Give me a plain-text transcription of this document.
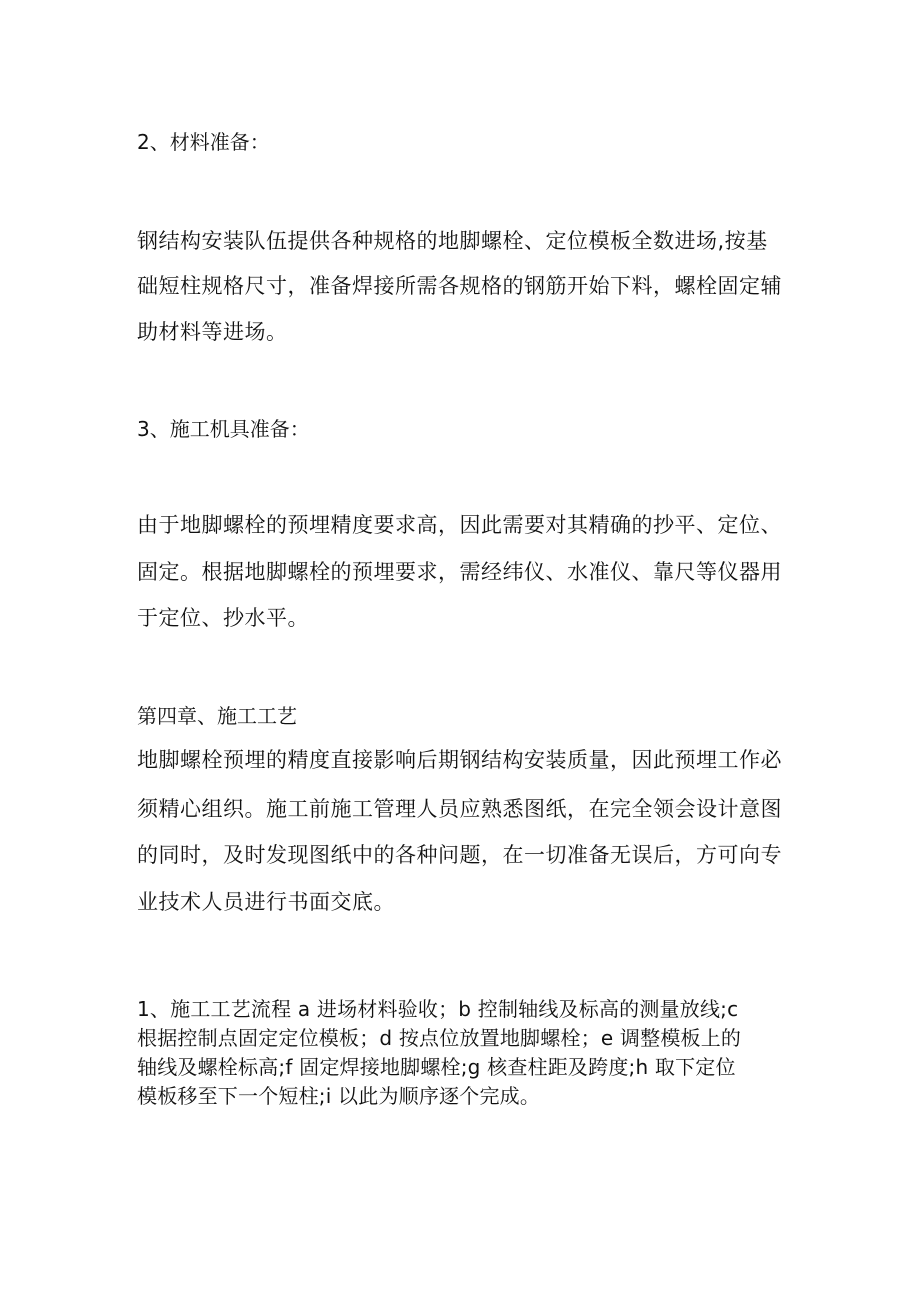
2、材料准备：
钢结构安装队伍提供各种规格的地脚螺栓、定位模板全数进场,按基
础短柱规格尺寸，准备焊接所需各规格的钢筋开始下料，螺栓固定辅
助材料等进场。
3、施工机具准备：
由于地脚螺栓的预埋精度要求高，因此需要对其精确的抄平、定位、
固定。根据地脚螺栓的预埋要求，需经纬仪、水准仪、靠尺等仪器用
于定位、抄水平。
第四章、施工工艺
地脚螺栓预埋的精度直接影响后期钢结构安装质量，因此预埋工作必
须精心组织。施工前施工管理人员应熟悉图纸，在完全领会设计意图
的同时，及时发现图纸中的各种问题，在一切准备无误后，方可向专
业技术人员进行书面交底。
1、施工工艺流程 a 进场材料验收；b 控制轴线及标高的测量放线;c
根据控制点固定定位模板；d 按点位放置地脚螺栓；e 调整模板上的
轴线及螺栓标高;f 固定焊接地脚螺栓;g 核查柱距及跨度;h 取下定位
模板移至下一个短柱;i 以此为顺序逐个完成。
